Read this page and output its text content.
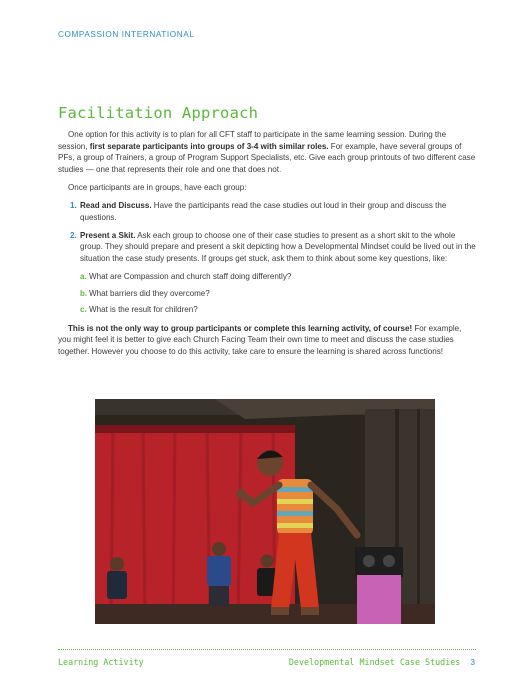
COMPASSION INTERNATIONAL
Facilitation Approach

One option for this activity is to plan for all CFT staff to participate in the same learning session. During the session, first separate participants into groups of 3-4 with similar roles. For example, have several groups of PFs, a group of Trainers, a group of Program Support Specialists, etc. Give each group printouts of two different case studies — one that represents their role and one that does not.

Once participants are in groups, have each group:

1. Read and Discuss. Have the participants read the case studies out loud in their group and discuss the questions.
2. Present a Skit. Ask each group to choose one of their case studies to present as a short skit to the whole group. They should prepare and present a skit depicting how a Developmental Mindset could be lived out in the situation the case study presents. If groups get stuck, ask them to think about some key questions, like:
a. What are Compassion and church staff doing differently?
b. What barriers did they overcome?
c. What is the result for children?

This is not the only way to group participants or complete this learning activity, of course! For example, you might feel it is better to give each Church Facing Team their own time to meet and discuss the case studies together. However you choose to do this activity, take care to ensure the learning is shared across functions!

Learning Activity	Developmental Mindset Case Studies 3
